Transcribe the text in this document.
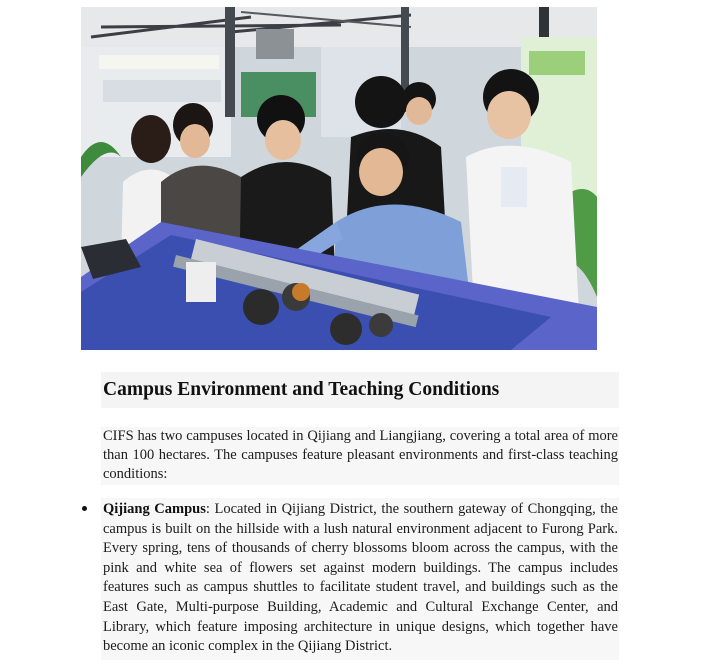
Campus Environment and Teaching Conditions

CIFS has two campuses located in Qijiang and Liangjiang, covering a total area of more than 100 hectares. The campuses feature pleasant environments and first-class teaching conditions:

Qijiang Campus: Located in Qijiang District, the southern gateway of Chongqing, the campus is built on the hillside with a lush natural environment adjacent to Furong Park. Every spring, tens of thousands of cherry blossoms bloom across the campus, with the pink and white sea of flowers set against modern buildings. The campus includes features such as campus shuttles to facilitate student travel, and buildings such as the East Gate, Multi-purpose Building, Academic and Cultural Exchange Center, and Library, which feature imposing architecture in unique designs, which together have become an iconic complex in the Qijiang District.
